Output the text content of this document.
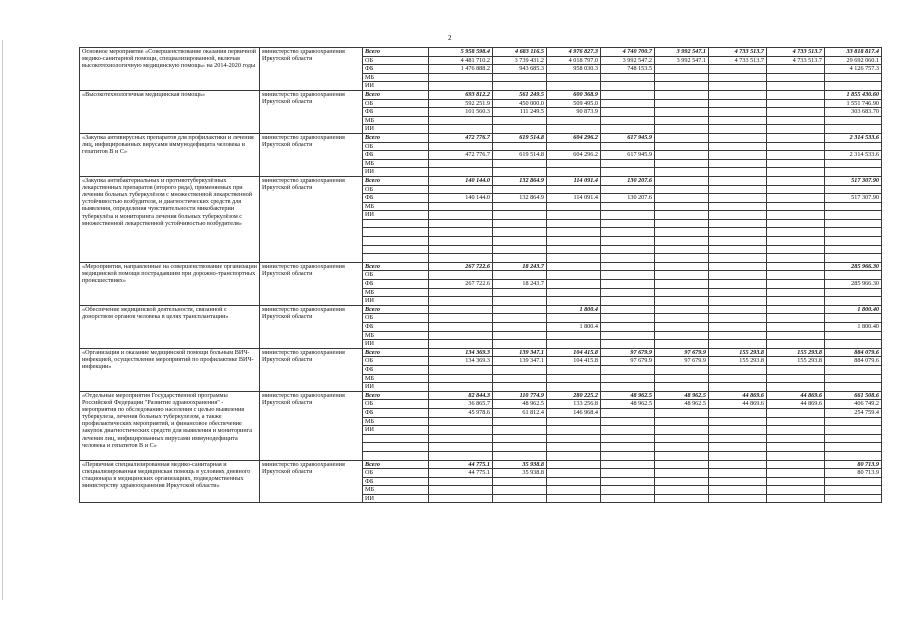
2
Основное мероприятие «Совершенствование оказания первичной медико-санитарной помощи, специализированной, включая высокотехнологичную медицинскую помощь» на 2014-2020 годы	министерство здравоохранения Иркутской области	Всего	5 958 598.4	4 683 116.5	4 976 827.3	4 740 700.7	3 992 547.1	4 733 513.7	4 733 513.7	33 818 817.4
		ОБ	4 481 710.2	3 739 431.2	4 018 797.0	3 992 547.2	3 992 547.1	4 733 513.7	4 733 513.7	29 692 060.1
		ФБ	1 476 888.2	943 685.3	958 030.3	748 153.5				4 126 757.3
		МБ								
		ИИ								
«Высокотехнологичная медицинская помощь»	министерство здравоохранения Иркутской области	Всего	693 812.2	561 249.5	600 368.9					1 855 430.60
		ОБ	592 251.9	450 000.0	509 495.0					1 551 746.90
		ФБ	101 560.3	111 249.5	90 873.9					303 683.70
		МБ								
		ИИ								
«Закупка антивирусных препаратов для профилактики и лечения лиц, инфицированных вирусами иммунодефицита человека и гепатитов В и С»	министерство здравоохранения Иркутской области	Всего	472 776.7	619 514.8	604 296.2	617 945.9				2 314 533.6
		ОБ								
		ФБ	472 776.7	619 514.8	604 296.2	617 945.9				2 314 533.6
		МБ								
		ИИ								
«Закупка антибактериальных и противотуберкулёзных лекарственных препаратов (второго ряда), применяемых при лечении больных туберкулёзом с множественной лекарственной устойчивостью возбудителя, и диагностических средств для выявления, определения чувствительности микобактерии туберкулёза и мониторинга лечения больных туберкулёзом с множественной лекарственной устойчивостью возбудителя»	министерство здравоохранения Иркутской области	Всего	140 144.0	132 864.9	114 091.4	130 207.6				517 307.90
		ОБ								
		ФБ	140 144.0	132 864.9	114 091.4	130 207.6				517 307.90
		МБ								
		ИИ								

«Мероприятия, направленные на совершенствование организации медицинской помощи пострадавшим при дорожно-транспортных происшествиях»	министерство здравоохранения Иркутской области	Всего	267 722.6	18 243.7						285 966.30
		ОБ								
		ФБ	267 722.6	18 243.7						285 966.30
		МБ								
		ИИ								
«Обеспечение медицинской деятельности, связанной с донорством органов человека в целях трансплантации»	министерство здравоохранения Иркутской области	Всего			1 800.4					1 800.40
		ОБ								
		ФБ			1 800.4					1 800.40
		МБ								
		ИИ								
«Организация и оказание медицинской помощи больным ВИЧ-инфекцией, осуществление мероприятий по профилактике ВИЧ-инфекции»	министерство здравоохранения Иркутской области	Всего	134 369.3	139 347.1	104 415.8	97 679.9	97 679.9	155 293.8	155 293.8	884 079.6
		ОБ	134 369.3	139 347.1	104 415.8	97 679.9	97 679.9	155 293.8	155 293.8	884 079.6
		ФБ								
		МБ								
		ИИ								
«Отдельные мероприятия Государственной программы Российской Федерации "Развитие здравоохранения" - мероприятия по обследованию населения с целью выявления туберкулеза, лечения больных туберкулезом, а также профилактических мероприятий, и финансовое обеспечение закупок диагностических средств для выявления и мониторинга лечения лиц, инфицированных вирусами иммунодефицита человека и гепатитов В и С»	министерство здравоохранения Иркутской области	Всего	82 844.3	110 774.9	280 225.2	48 962.5	48 962.5	44 869.6	44 869.6	661 508.6
		ОБ	36 865.7	48 962.5	133 256.8	48 962.5	48 962.5	44 869.6	44 869.6	406 749.2
		ФБ	45 978.6	61 812.4	146 968.4					254 759.4
		МБ								
		ИИ								

«Первичная специализированная медико-санитарная и специализированная медицинская помощь в условиях дневного стационара в медицинских организациях, подведомственных министерству здравоохранения Иркутской области»	министерство здравоохранения Иркутской области	Всего	44 775.1	35 938.8						80 713.9
		ОБ	44 775.1	35 938.8						80 713.9
		ФБ								
		МБ								
		ИИ								
